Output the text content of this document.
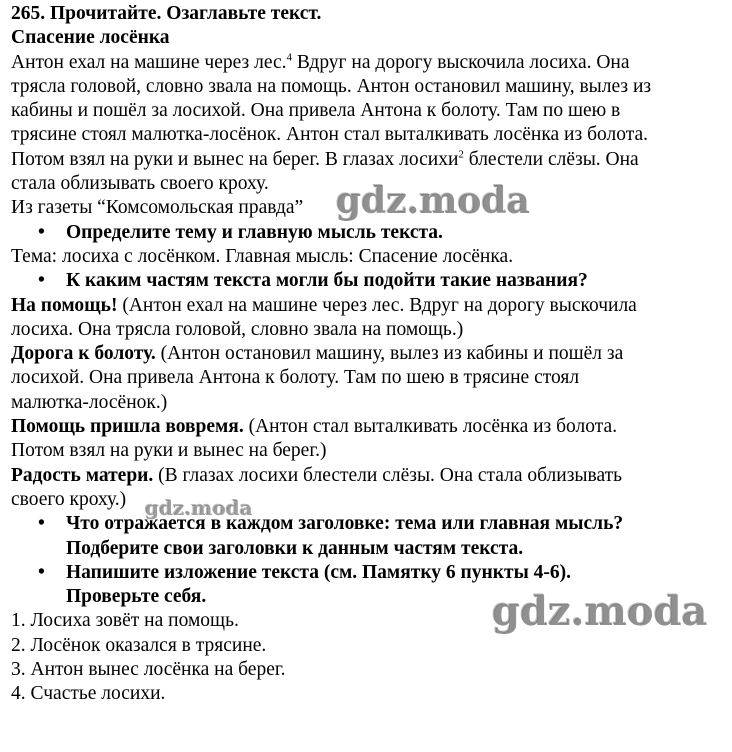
265. Прочитайте. Озаглавьте текст.
Спасение лосёнка
Антон ехал на машине через лес.$^4$ Вдруг на дорогу выскочила лосиха. Она
трясла головой, словно звала на помощь. Антон остановил машину, вылез из
кабины и пошёл за лосихой. Она привела Антона к болоту. Там по шею в
трясине стоял малютка-лосёнок. Антон стал выталкивать лосёнка из болота.
Потом взял на руки и вынес на берег. В глазах лосихи$^2$ блестели слёзы. Она
стала облизывать своего кроху.
Из газеты “Комсомольская правда”
• Определите тему и главную мысль текста.
Тема: лосиха с лосёнком. Главная мысль: Спасение лосёнка.
• К каким частям текста могли бы подойти такие названия?
На помощь! (Антон ехал на машине через лес. Вдруг на дорогу выскочила
лосиха. Она трясла головой, словно звала на помощь.)
Дорога к болоту. (Антон остановил машину, вылез из кабины и пошёл за
лосихой. Она привела Антона к болоту. Там по шею в трясине стоял
малютка-лосёнок.)
Помощь пришла вовремя. (Антон стал выталкивать лосёнка из болота.
Потом взял на руки и вынес на берег.)
Радость матери. (В глазах лосихи блестели слёзы. Она стала облизывать
своего кроху.)
• Что отражается в каждом заголовке: тема или главная мысль?
Подберите свои заголовки к данным частям текста.
• Напишите изложение текста (см. Памятку 6 пункты 4-6).
Проверьте себя.
1. Лосиха зовёт на помощь.
2. Лосёнок оказался в трясине.
3. Антон вынес лосёнка на берег.
4. Счастье лосихи.
gdz.moda
gdz.moda
gdz.moda
